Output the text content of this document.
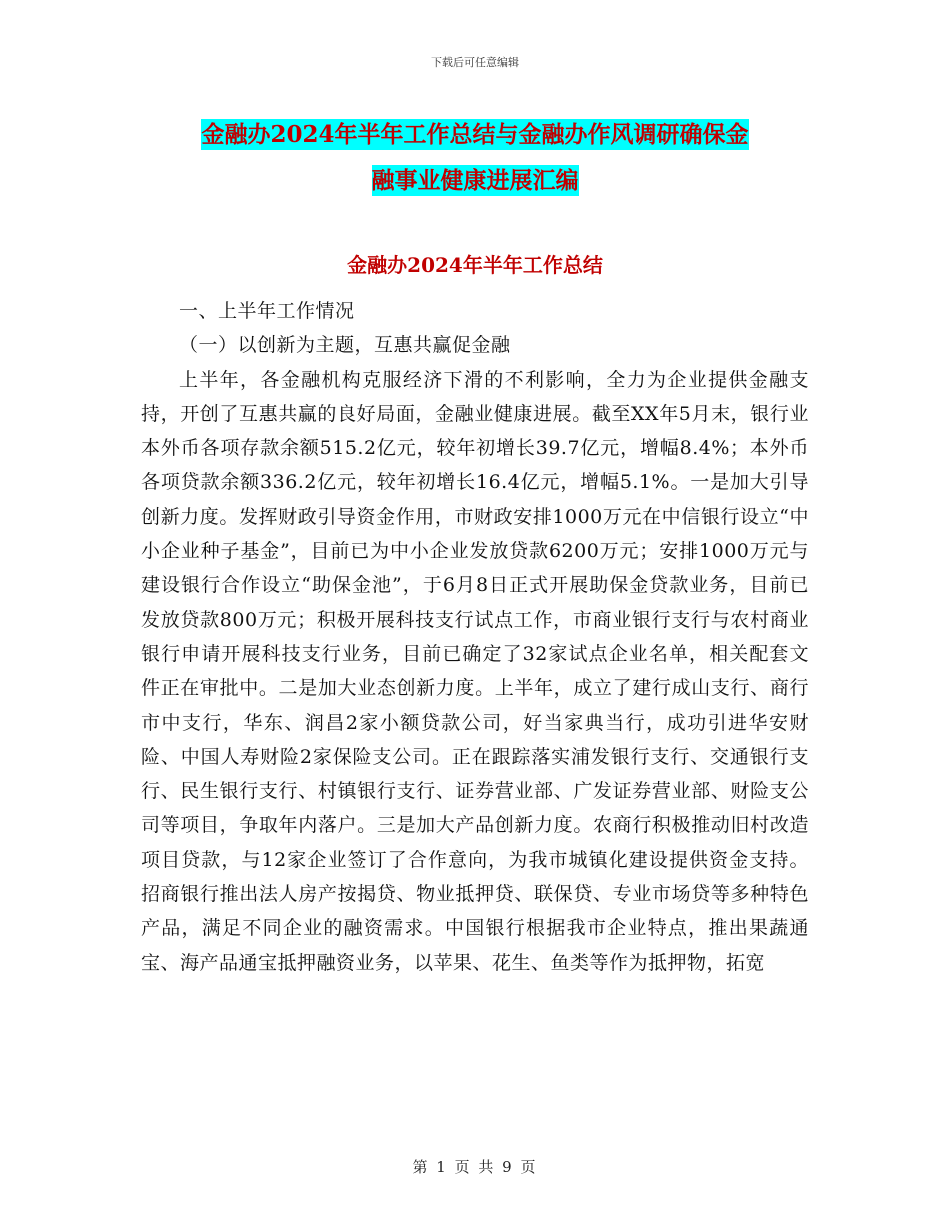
下载后可任意编辑
金融办2024年半年工作总结与金融办作风调研确保金
融事业健康进展汇编
金融办2024年半年工作总结

一、上半年工作情况

（一）以创新为主题，互惠共赢促金融

上半年，各金融机构克服经济下滑的不利影响，全力为企业提供金融支持，开创了互惠共赢的良好局面，金融业健康进展。截至XX年5月末，银行业本外币各项存款余额515.2亿元，较年初增长39.7亿元，增幅8.4%；本外币各项贷款余额336.2亿元，较年初增长16.4亿元，增幅5.1%。一是加大引导创新力度。发挥财政引导资金作用，市财政安排1000万元在中信银行设立“中小企业种子基金”，目前已为中小企业发放贷款6200万元；安排1000万元与建设银行合作设立“助保金池”，于6月8日正式开展助保金贷款业务，目前已发放贷款800万元；积极开展科技支行试点工作，市商业银行支行与农村商业银行申请开展科技支行业务，目前已确定了32家试点企业名单，相关配套文件正在审批中。二是加大业态创新力度。上半年，成立了建行成山支行、商行市中支行，华东、润昌2家小额贷款公司，好当家典当行，成功引进华安财险、中国人寿财险2家保险支公司。正在跟踪落实浦发银行支行、交通银行支行、民生银行支行、村镇银行支行、证券营业部、广发证券营业部、财险支公司等项目，争取年内落户。三是加大产品创新力度。农商行积极推动旧村改造项目贷款，与12家企业签订了合作意向，为我市城镇化建设提供资金支持。招商银行推出法人房产按揭贷、物业抵押贷、联保贷、专业市场贷等多种特色产品，满足不同企业的融资需求。中国银行根据我市企业特点，推出果蔬通宝、海产品通宝抵押融资业务，以苹果、花生、鱼类等作为抵押物，拓宽

第 1 页 共 9 页
